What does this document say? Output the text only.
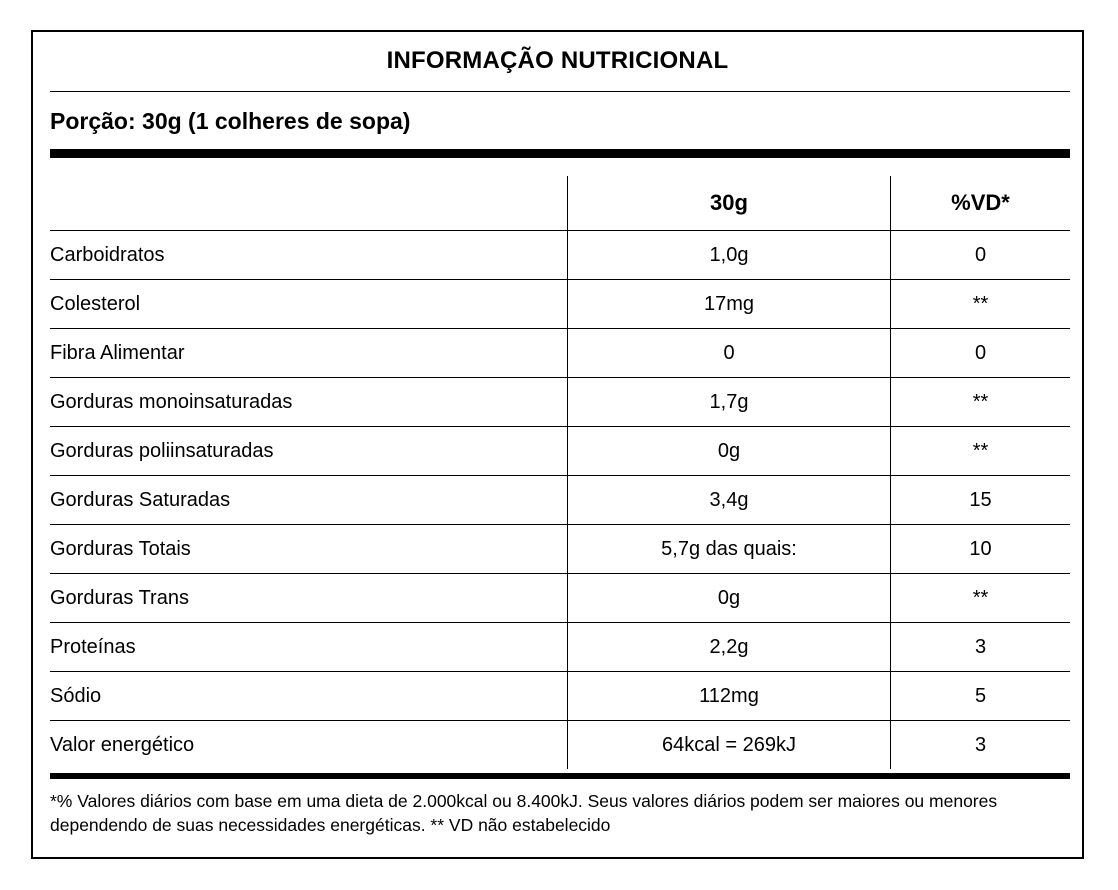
INFORMAÇÃO NUTRICIONAL
Porção: 30g (1 colheres de sopa)
	30g	%VD*
Carboidratos	1,0g	0
Colesterol	17mg	**
Fibra Alimentar	0	0
Gorduras monoinsaturadas	1,7g	**
Gorduras poliinsaturadas	0g	**
Gorduras Saturadas	3,4g	15
Gorduras Totais	5,7g das quais:	10
Gorduras Trans	0g	**
Proteínas	2,2g	3
Sódio	112mg	5
Valor energético	64kcal = 269kJ	3
*% Valores diários com base em uma dieta de 2.000kcal ou 8.400kJ. Seus valores diários podem ser maiores ou menores dependendo de suas necessidades energéticas. ** VD não estabelecido
